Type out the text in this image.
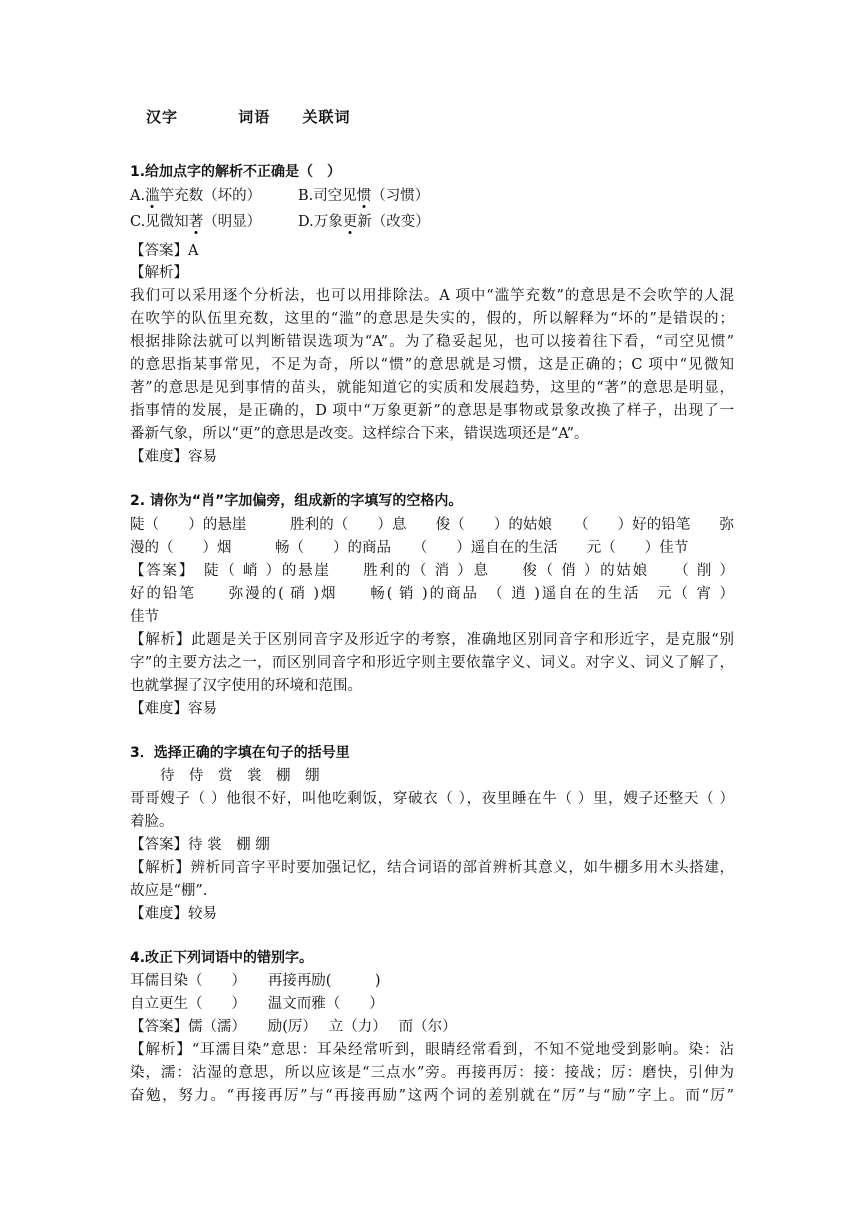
汉字	词语 关联词
1.给加点字的解析不正确是（　）
A.滥竽充数（坏的）	B.司空见惯（习惯）
C.见微知著（明显）	D.万象更新（改变）
【答案】A
【解析】
我们可以采用逐个分析法，也可以用排除法。A 项中“滥竽充数”的意思是不会吹竽的人混
在吹竽的队伍里充数，这里的“滥”的意思是失实的，假的，所以解释为“坏的”是错误的；
根据排除法就可以判断错误选项为“A”。为了稳妥起见，也可以接着往下看，“司空见惯”
的意思指某事常见，不足为奇，所以“惯”的意思就是习惯，这是正确的；C 项中“见微知
著”的意思是见到事情的苗头，就能知道它的实质和发展趋势，这里的“著”的意思是明显，
指事情的发展，是正确的，D 项中“万象更新”的意思是事物或景象改换了样子，出现了一
番新气象，所以“更”的意思是改变。这样综合下来，错误选项还是“A”。
【难度】容易
2. 请你为“肖”字加偏旁，组成新的字填写的空格内。
陡（　　）的悬崖　　　胜利的（　　）息　　俊（　　）的姑娘　　（　　）好的铅笔　　弥
漫的（　　）烟　　　畅（　　）的商品　　（　　）遥自在的生活　　元（　　）佳节
【答案】　陡（ 峭 ）的悬崖　　胜利的（ 消 ）息　　俊（ 俏 ）的姑娘　　（ 削 ）
好的铅笔　　弥漫的( 硝 )烟　　畅( 销 )的商品　（ 逍 )遥自在的生活　元（ 宵 ）
佳节
【解析】此题是关于区别同音字及形近字的考察，准确地区别同音字和形近字，是克服“别
字”的主要方法之一，而区别同音字和形近字则主要依靠字义、词义。对字义、词义了解了，
也就掌握了汉字使用的环境和范围。
【难度】容易
3．选择正确的字填在句子的括号里
待　侍　赏　裳　棚　绷
哥哥嫂子（ ）他很不好，叫他吃剩饭，穿破衣（ ），夜里睡在牛（ ）里，嫂子还整天（ ）
着脸。
【答案】待 裳　棚 绷
【解析】辨析同音字平时要加强记忆，结合词语的部首辨析其意义，如牛棚多用木头搭建，
故应是“棚”.
【难度】较易
4.改正下列词语中的错别字。
耳儒目染（　　）　　再接再励(　　　)
自立更生（　　）　　温文而雅（　　）
【答案】儒（濡）　　励(厉）　 立（力）　 而（尔）
【解析】“耳濡目染”意思：耳朵经常听到，眼睛经常看到，不知不觉地受到影响。染：沾
染，濡：沾湿的意思，所以应该是“三点水”旁。再接再厉：接：接战；厉：磨快，引伸为
奋勉，努力。“再接再厉”与“再接再励”这两个词的差别就在“厉”与“励”字上。而“厉”
